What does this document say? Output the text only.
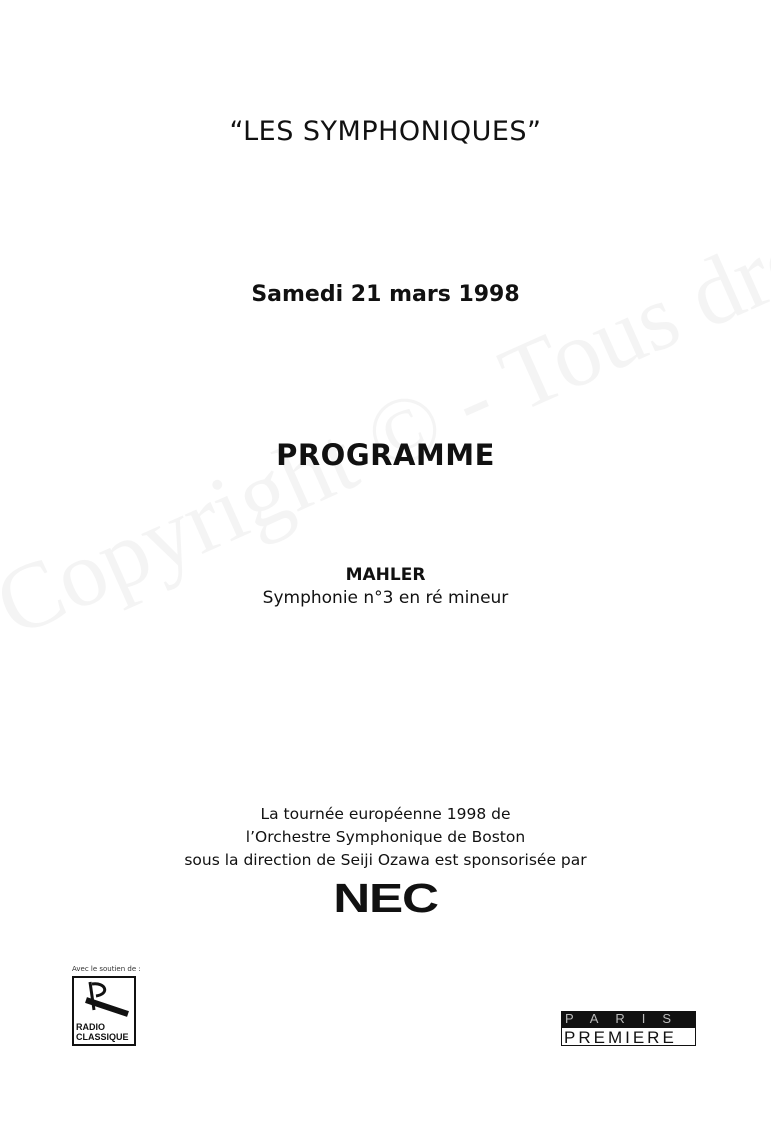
“LES SYMPHONIQUES”
Samedi 21 mars 1998
PROGRAMME
MAHLER
Symphonie n°3 en ré mineur
La tournée européenne 1998 de
l’Orchestre Symphonique de Boston
sous la direction de Seiji Ozawa est sponsorisée par
NEC
Avec le soutien de :
RADIO
CLASSIQUE
PARIS
PREMIERE
